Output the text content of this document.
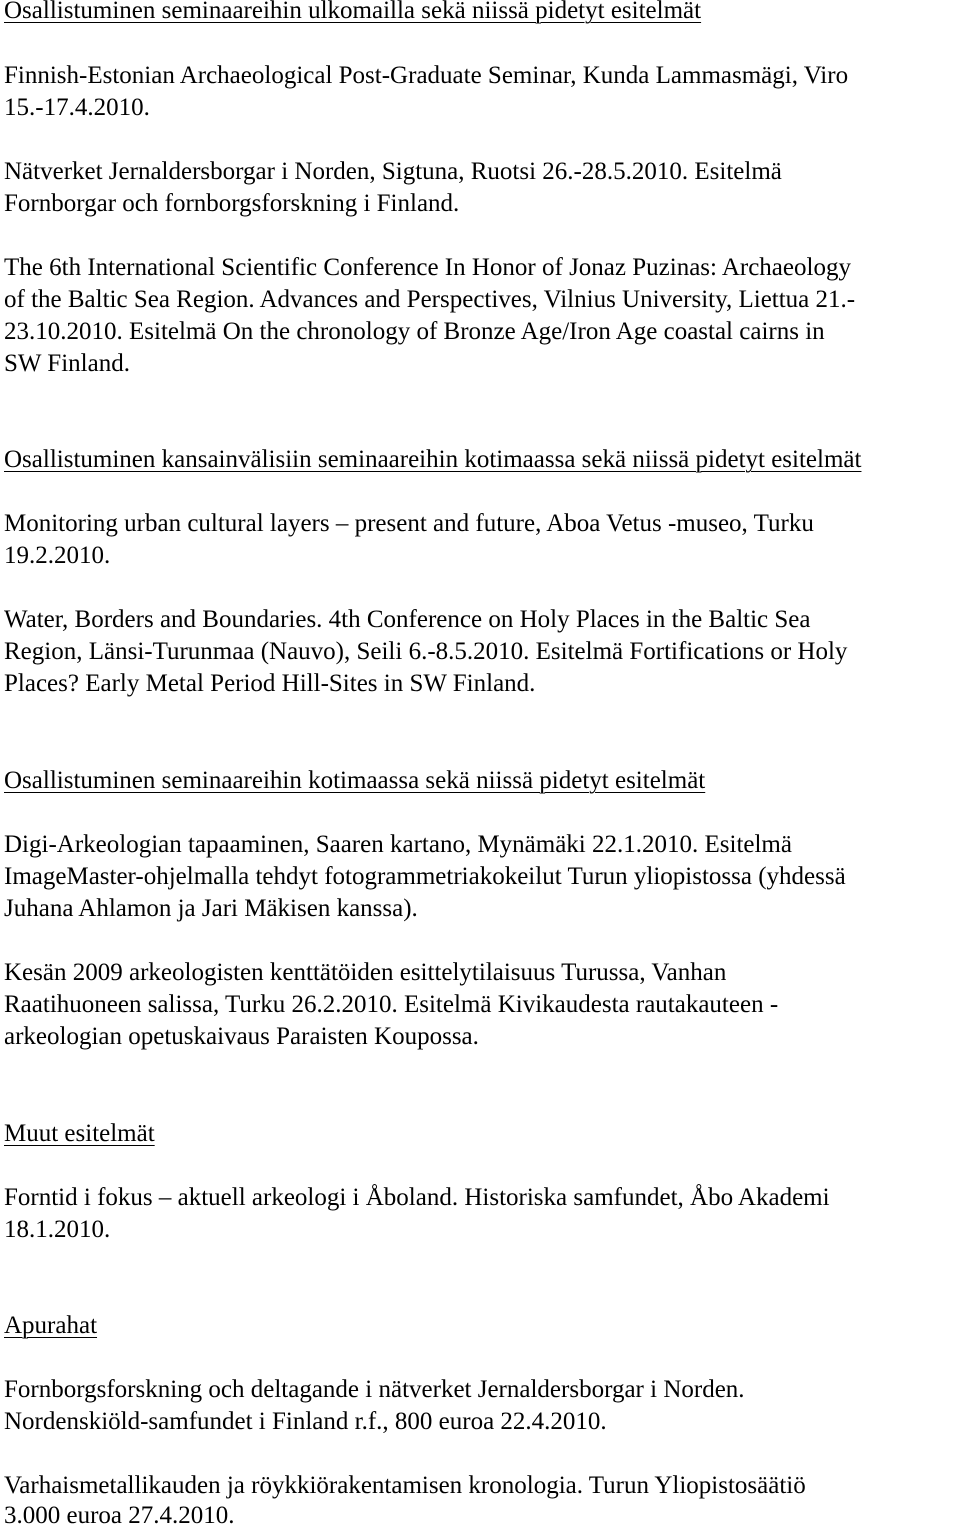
Osallistuminen seminaareihin ulkomailla sekä niissä pidetyt esitelmät
Finnish-Estonian Archaeological Post-Graduate Seminar, Kunda Lammasmägi, Viro
15.-17.4.2010.
Nätverket Jernaldersborgar i Norden, Sigtuna, Ruotsi 26.-28.5.2010. Esitelmä
Fornborgar och fornborgsforskning i Finland.
The 6th International Scientific Conference In Honor of Jonaz Puzinas: Archaeology
of the Baltic Sea Region. Advances and Perspectives, Vilnius University, Liettua 21.-
23.10.2010. Esitelmä On the chronology of Bronze Age/Iron Age coastal cairns in
SW Finland.
Osallistuminen kansainvälisiin seminaareihin kotimaassa sekä niissä pidetyt esitelmät
Monitoring urban cultural layers – present and future, Aboa Vetus -museo, Turku
19.2.2010.
Water, Borders and Boundaries. 4th Conference on Holy Places in the Baltic Sea
Region, Länsi-Turunmaa (Nauvo), Seili 6.-8.5.2010. Esitelmä Fortifications or Holy
Places? Early Metal Period Hill-Sites in SW Finland.
Osallistuminen seminaareihin kotimaassa sekä niissä pidetyt esitelmät
Digi-Arkeologian tapaaminen, Saaren kartano, Mynämäki 22.1.2010. Esitelmä
ImageMaster-ohjelmalla tehdyt fotogrammetriakokeilut Turun yliopistossa (yhdessä
Juhana Ahlamon ja Jari Mäkisen kanssa).
Kesän 2009 arkeologisten kenttätöiden esittelytilaisuus Turussa, Vanhan
Raatihuoneen salissa, Turku 26.2.2010. Esitelmä Kivikaudesta rautakauteen -
arkeologian opetuskaivaus Paraisten Koupossa.
Muut esitelmät
Forntid i fokus – aktuell arkeologi i Åboland. Historiska samfundet, Åbo Akademi
18.1.2010.
Apurahat
Fornborgsforskning och deltagande i nätverket Jernaldersborgar i Norden.
Nordenskiöld-samfundet i Finland r.f., 800 euroa 22.4.2010.
Varhaismetallikauden ja röykkiörakentamisen kronologia. Turun Yliopistosäätiö
3.000 euroa 27.4.2010.
